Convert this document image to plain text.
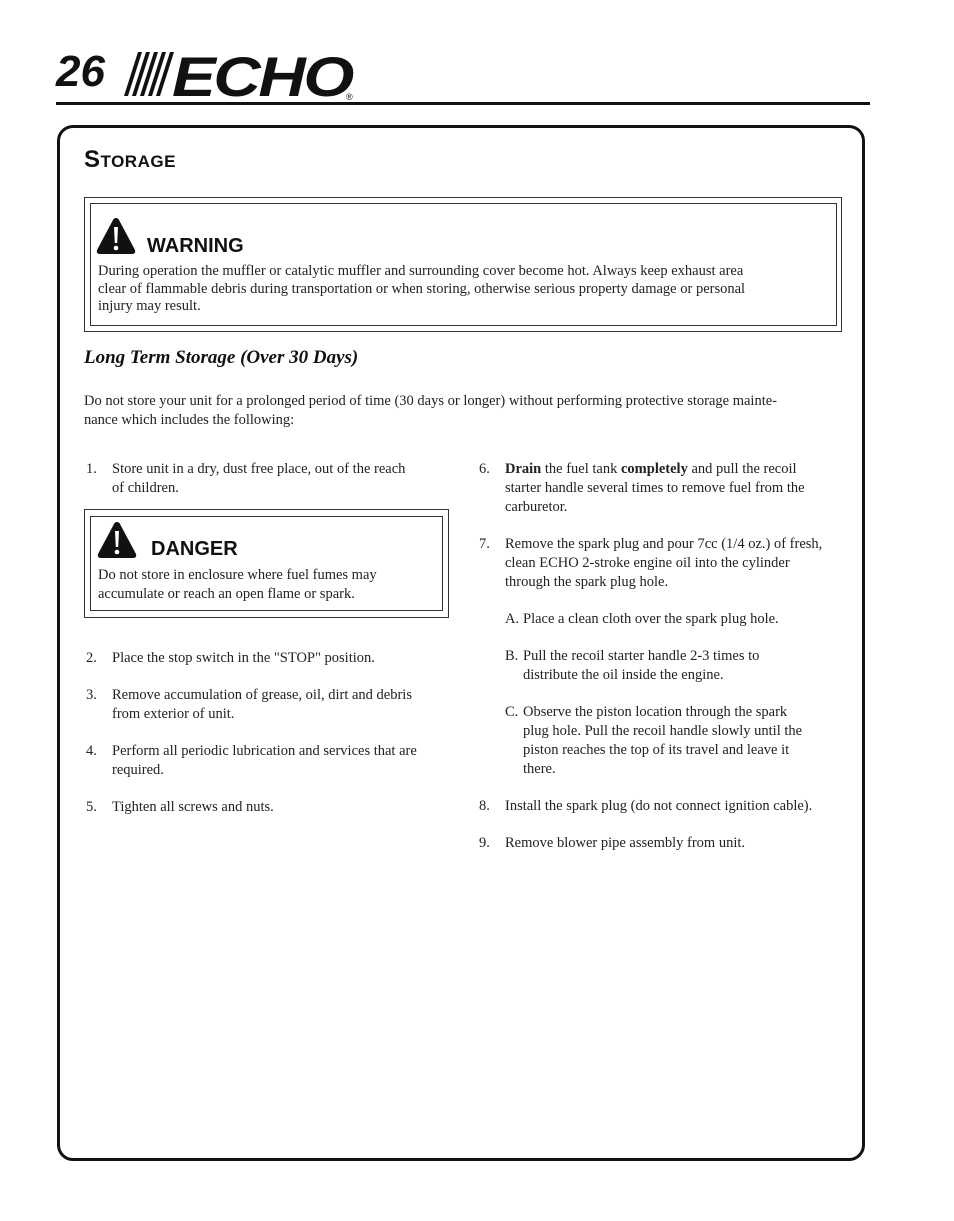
26 ECHO
®
Storage
WARNING
During operation the muffler or catalytic muffler and surrounding cover become hot. Always keep exhaust area
clear of flammable debris during transportation or when storing, otherwise serious property damage or personal
injury may result.
Long Term Storage (Over 30 Days)
Do not store your unit for a prolonged period of time (30 days or longer) without performing protective storage mainte-
nance which includes the following:
1. Store unit in a dry, dust free place, out of the reach
of children.
DANGER
Do not store in enclosure where fuel fumes may
accumulate or reach an open flame or spark.
2. Place the stop switch in the "STOP" position.
3. Remove accumulation of grease, oil, dirt and debris
from exterior of unit.
4. Perform all periodic lubrication and services that are
required.
5. Tighten all screws and nuts.
6. Drain the fuel tank completely and pull the recoil
starter handle several times to remove fuel from the
carburetor.
7. Remove the spark plug and pour 7cc (1/4 oz.) of fresh,
clean ECHO 2-stroke engine oil into the cylinder
through the spark plug hole.
A. Place a clean cloth over the spark plug hole.
B. Pull the recoil starter handle 2-3 times to
distribute the oil inside the engine.
C. Observe the piston location through the spark
plug hole. Pull the recoil handle slowly until the
piston reaches the top of its travel and leave it
there.
8. Install the spark plug (do not connect ignition cable).
9. Remove blower pipe assembly from unit.
